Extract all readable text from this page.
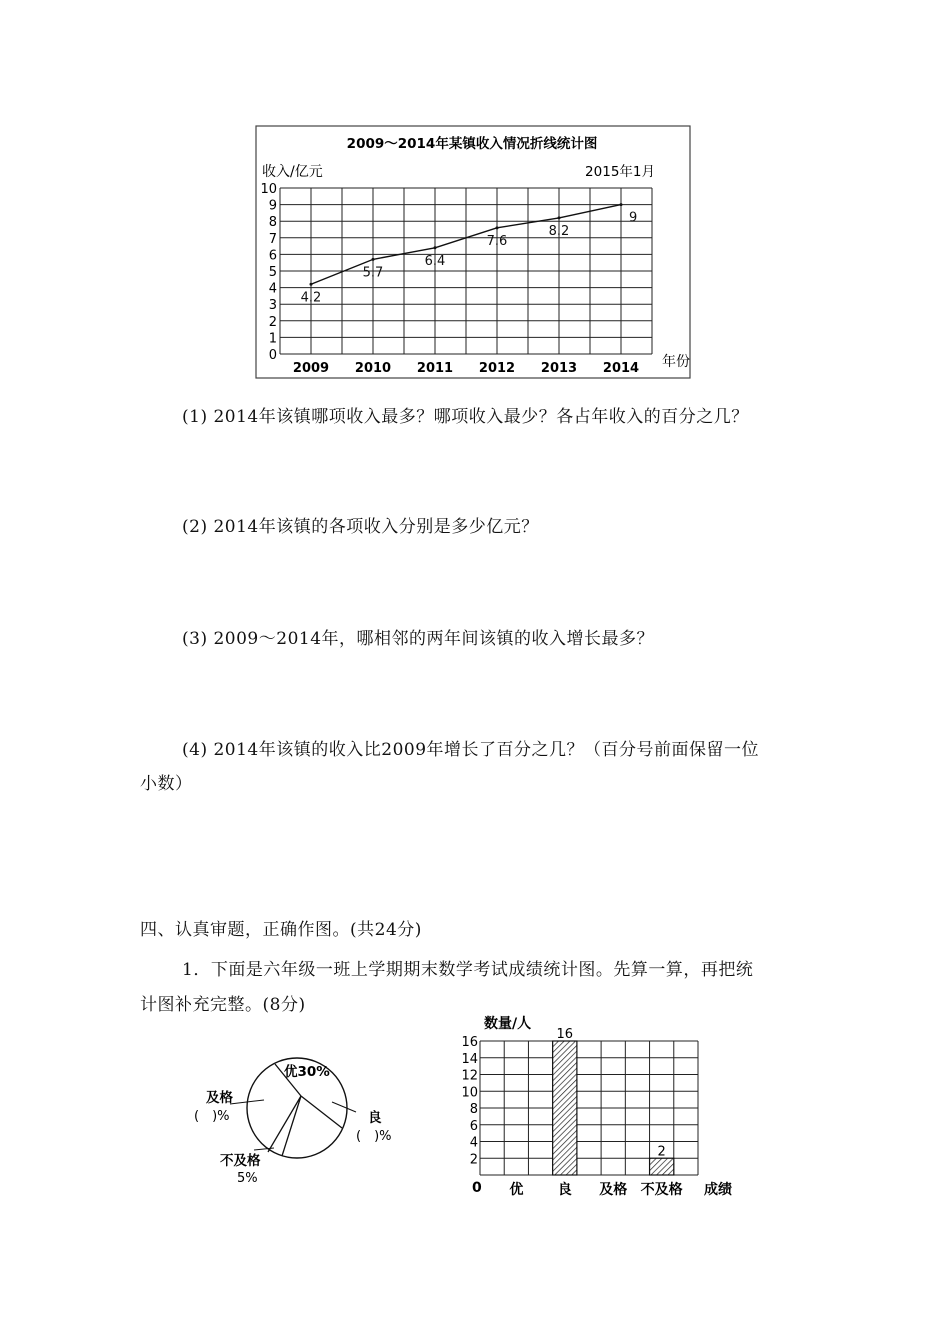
2009～2014年某镇收入情况折线统计图
收入/亿元	2015年1月
0
1
2
3
4
5
6
7
8
9
10
2009 2010 2011 2012 2013 2014
4.2
5.7
6.4
7.6
8.2
9
年份
(1) 2014年该镇哪项收入最多？哪项收入最少？各占年收入的百分之几？
(2) 2014年该镇的各项收入分别是多少亿元？
(3) 2009～2014年，哪相邻的两年间该镇的收入增长最多？
(4) 2014年该镇的收入比2009年增长了百分之几？（百分号前面保留一位
小数）
四、认真审题，正确作图。(共24分)
1．下面是六年级一班上学期期末数学考试成绩统计图。先算一算，再把统
计图补充完整。(8分)
优30%
及格
(　)%	良
(　)%
不及格
5%
数量/人
2
4
6
8
10
12
14
16
16
2
优 良 及格 不及格
0	成绩
